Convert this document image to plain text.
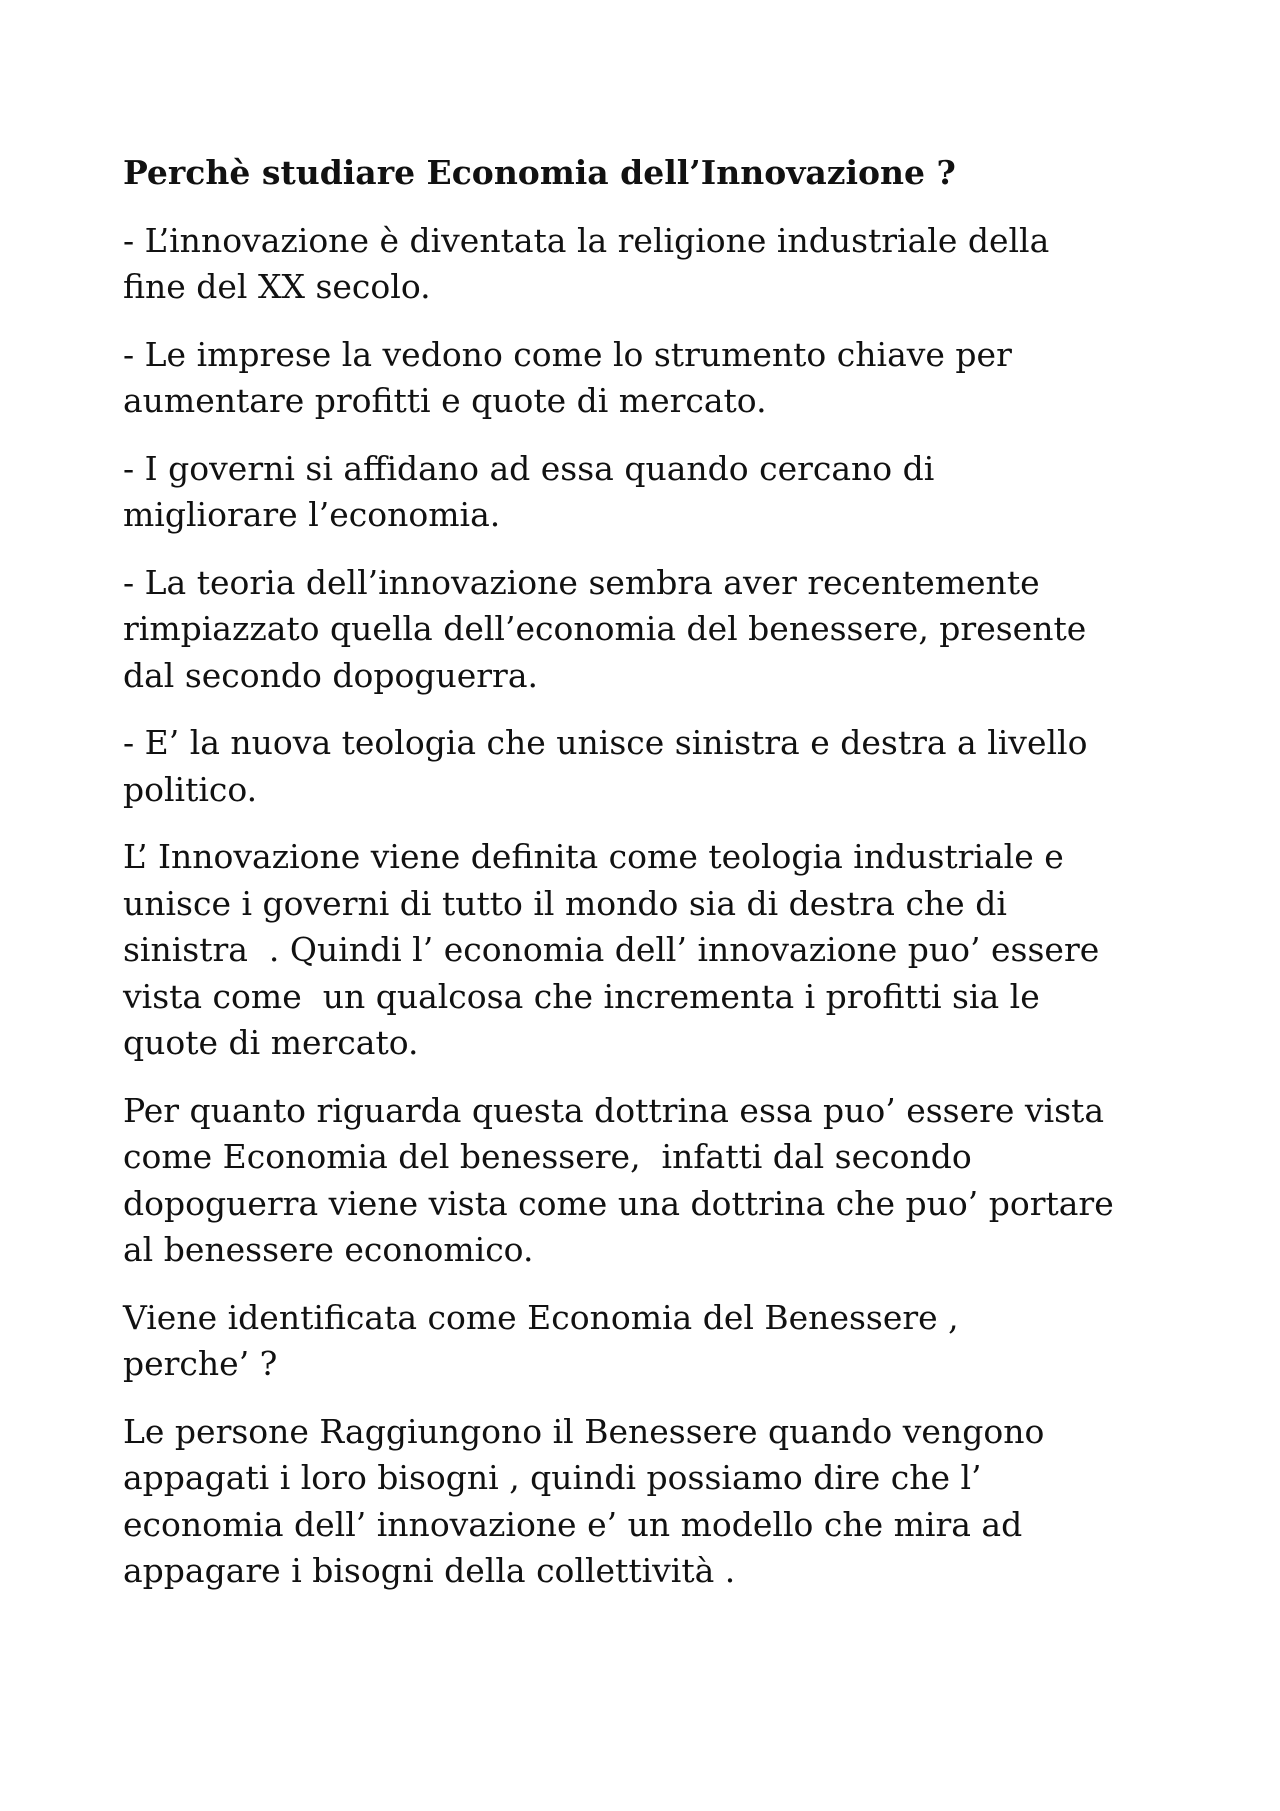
Perchè studiare Economia dell’Innovazione ?
- L’innovazione è diventata la religione industriale della
fine del XX secolo.
- Le imprese la vedono come lo strumento chiave per
aumentare profitti e quote di mercato.
- I governi si affidano ad essa quando cercano di
migliorare l’economia.
- La teoria dell’innovazione sembra aver recentemente
rimpiazzato quella dell’economia del benessere, presente
dal secondo dopoguerra.
- E’ la nuova teologia che unisce sinistra e destra a livello
politico.
L’ Innovazione viene definita come teologia industriale e
unisce i governi di tutto il mondo sia di destra che di
sinistra  . Quindi l’ economia dell’ innovazione puo’ essere
vista come  un qualcosa che incrementa i profitti sia le
quote di mercato.
Per quanto riguarda questa dottrina essa puo’ essere vista
come Economia del benessere,  infatti dal secondo
dopoguerra viene vista come una dottrina che puo’ portare
al benessere economico.
Viene identificata come Economia del Benessere ,
perche’ ?
Le persone Raggiungono il Benessere quando vengono
appagati i loro bisogni , quindi possiamo dire che l’
economia dell’ innovazione e’ un modello che mira ad
appagare i bisogni della collettività .
